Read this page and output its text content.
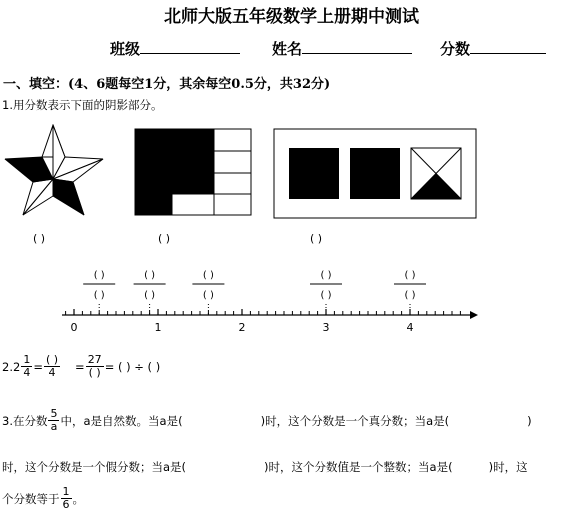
北师大版五年级数学上册期中测试
班级	姓名	分数
一、填空：(4、6题每空1分，其余每空0.5分，共32分)
1.用分数表示下面的阴影部分。
( )	( )	( )
0	1	2	3	4
( )
( )
( )
( )
( )
( )
( )
( )
( )
( )
2. $2 \frac{1}{4} = \frac{( )}{4} = \frac{27}{( )}$ = ( ) ÷ ( )
3.在分数 $\frac{5}{a}$ 中，a是自然数。当a是(	)时，这个分数是一个真分数；当a是(	)
时，这个分数是一个假分数；当a是(	)时，这个分数值是一个整数；当a是(	)时，这
个分数等于 $\frac{1}{6}$ 。
